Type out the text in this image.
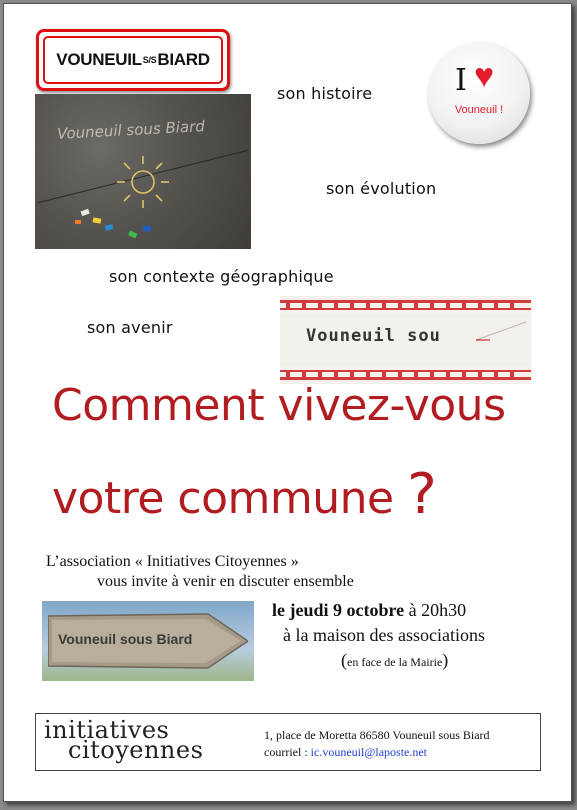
VOUNEUIL S/S BIARD
Vouneuil sous Biard
I ♥
Vouneuil !
son histoire
son évolution
son contexte géographique
son avenir	Vouneuil sou
Comment vivez-vous
votre commune ?
L’association « Initiatives Citoyennes »
vous invite à venir en discuter ensemble
Vouneuil sous Biard
le jeudi 9 octobre à 20h30
à la maison des associations
(en face de la Mairie)
initiatives
citoyennes
1, place de Moretta 86580 Vouneuil sous Biard
courriel : ic.vouneuil@laposte.net
